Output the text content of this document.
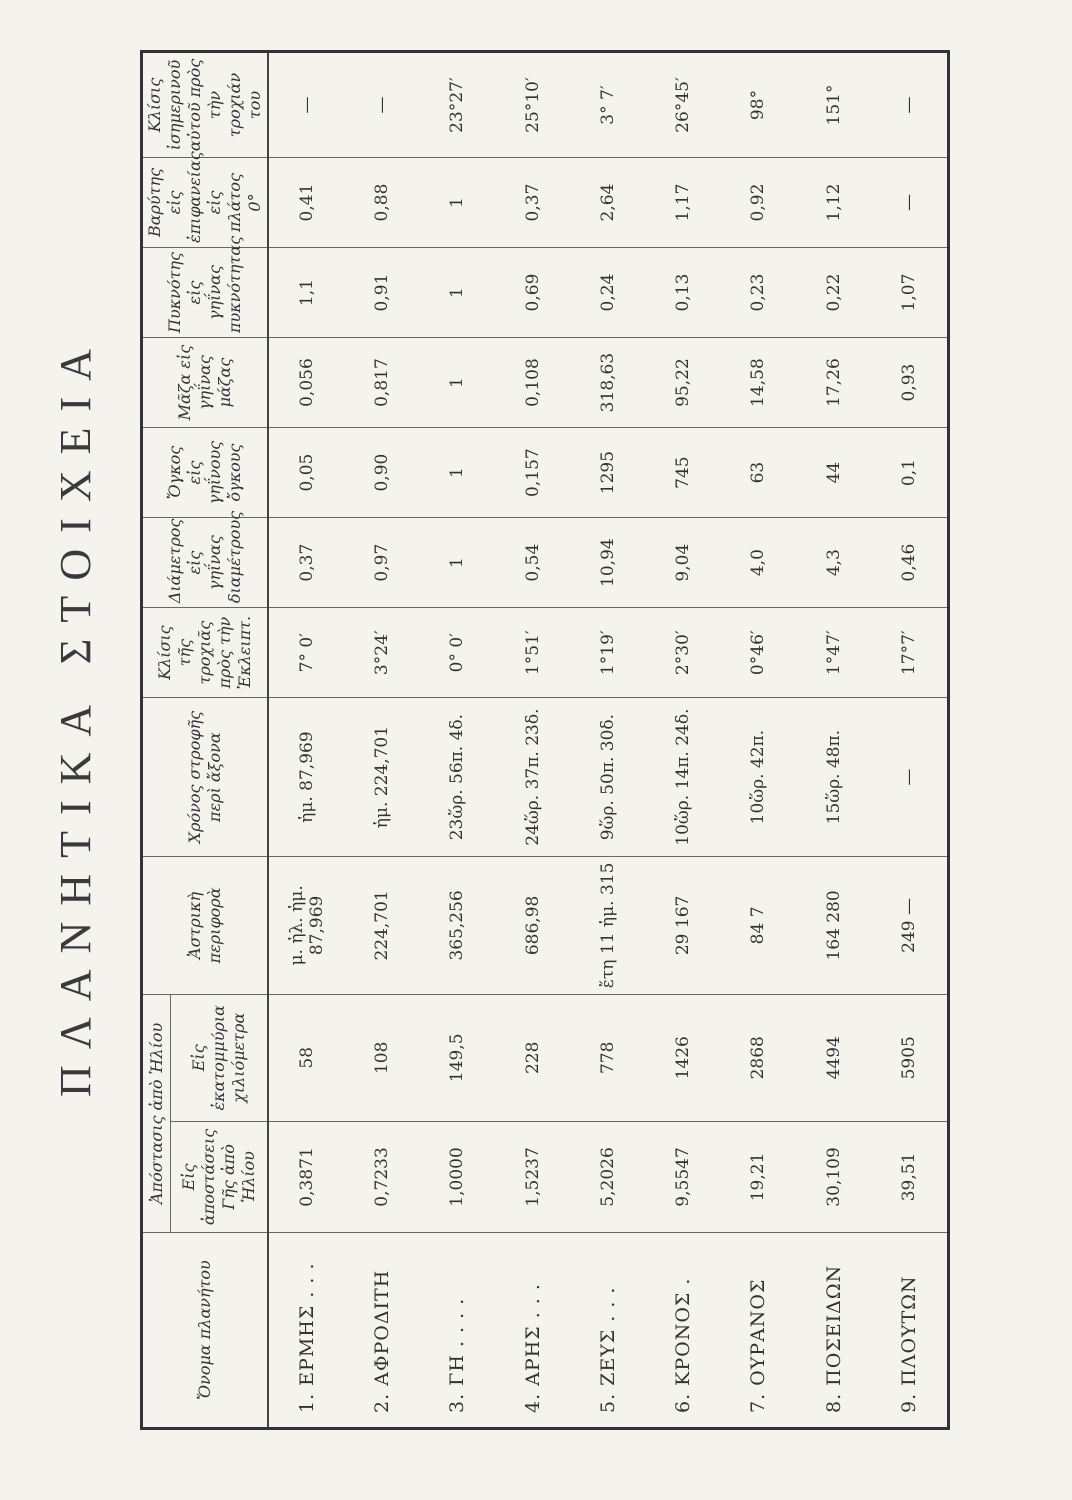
ΠΛΑΝΗΤΙΚΑ ΣΤΟΙΧΕΙΑ
Ὄνομα πλανήτου	Ἀπόστασις ἀπὸ Ἡλίου		Ἀστρικὴ περιφορὰ	Χρόνος στροφῆς περὶ ἄξονα	Κλίσις τῆς τροχιᾶς πρὸς τὴν Ἐκλειπτ.	Διάμετρος εἰς γηΐνας διαμέτρους	Ὄγκος εἰς γηΐνους ὄγκους	Μᾶζα εἰς γηΐνας μάζας	Πυκνότης εἰς γηΐνας πυκνότητας	Βαρύτης εἰς ἐπιφανείας εἰς πλάτος 0°	Κλίσις ἰσημερινοῦ αὐτοῦ πρὸς τὴν τροχιάν του
	Εἰς ἀποστάσεις Γῆς ἀπὸ Ἡλίου	Εἰς ἑκατομμύρια χιλιόμετρα									
1. ΕΡΜΗΣ . . .	0,3871	58	μ. ἡλ. ἡμ. 87,969	ἡμ. 87,969	7° 0′	0,37	0,05	0,056	1,1	0,41	—
2. ΑΦΡΟΔΙΤΗ	0,7233	108	224,701	ἡμ. 224,701	3°24′	0,97	0,90	0,817	0,91	0,88	—
3. ΓΗ . . . .	1,0000	149,5	365,256	23ὥρ. 56π. 4δ.	0° 0′	1	1	1	1	1	23°27′
4. ΑΡΗΣ . . .	1,5237	228	686,98	24ὥρ. 37π. 23δ.	1°51′	0,54	0,157	0,108	0,69	0,37	25°10′
5. ΖΕΥΣ . . .	5,2026	778	ἔτη 11 ἡμ. 315	9ὥρ. 50π. 30δ.	1°19′	10,94	1295	318,63	0,24	2,64	3° 7′
6. ΚΡΟΝΟΣ .	9,5547	1426	29 167	10ὥρ. 14π. 24δ.	2°30′	9,04	745	95,22	0,13	1,17	26°45′
7. ΟΥΡΑΝΟΣ	19,21	2868	84 7	10ὥρ. 42π.	0°46′	4,0	63	14,58	0,23	0,92	98°
8. ΠΟΣΕΙΔΩΝ	30,109	4494	164 280	15ὥρ. 48π.	1°47′	4,3	44	17,26	0,22	1,12	151°
9. ΠΛΟΥΤΩΝ	39,51	5905	249 —	—	17°7′	0,46	0,1	0,93	1,07	—	—
